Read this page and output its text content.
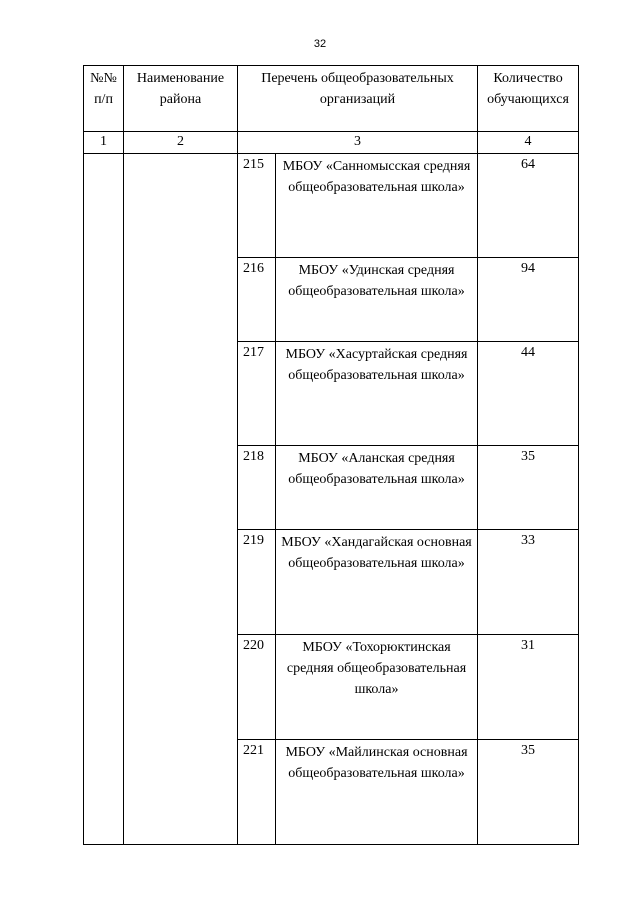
32
№№ п/п	Наименование района	Перечень общеобразовательных организаций		Количество обучающихся
1	2	3		4
		215	МБОУ «Санномысская средняя общеобразовательная школа»	64
		216	МБОУ «Удинская средняя общеобразовательная школа»	94
		217	МБОУ «Хасуртайская средняя общеобразовательная школа»	44
		218	МБОУ «Аланская средняя общеобразовательная школа»	35
		219	МБОУ «Хандагайская основная общеобразовательная школа»	33
		220	МБОУ «Тохорюктинская средняя общеобразовательная школа»	31
		221	МБОУ «Майлинская основная общеобразовательная школа»	35
